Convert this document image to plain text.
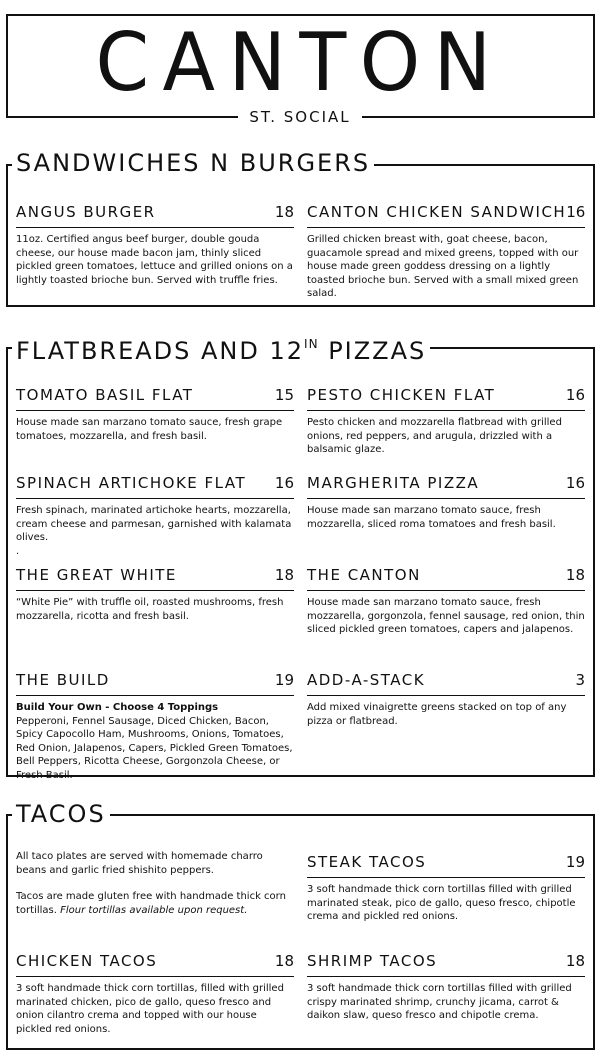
CANTON
ST. SOCIAL
SANDWICHES N BURGERS
ANGUS BURGER	18
11oz. Certified angus beef burger, double gouda cheese, our house made bacon jam, thinly sliced pickled green tomatoes, lettuce and grilled onions on a lightly toasted brioche bun. Served with truffle fries.
CANTON CHICKEN SANDWICH 16
Grilled chicken breast with, goat cheese, bacon, guacamole spread and mixed greens, topped with our house made green goddess dressing on a lightly toasted brioche bun. Served with a small mixed green salad.
FLATBREADS AND $12^{IN}$ PIZZAS
TOMATO BASIL FLAT	15
House made san marzano tomato sauce, fresh grape tomatoes, mozzarella, and fresh basil.
PESTO CHICKEN FLAT	16
Pesto chicken and mozzarella flatbread with grilled onions, red peppers, and arugula, drizzled with a balsamic glaze.
SPINACH ARTICHOKE FLAT 16
Fresh spinach, marinated artichoke hearts, mozzarella, cream cheese and parmesan, garnished with kalamata olives.
.
MARGHERITA PIZZA	16
House made san marzano tomato sauce, fresh mozzarella, sliced roma tomatoes and fresh basil.
THE GREAT WHITE	18
“White Pie” with truffle oil, roasted mushrooms, fresh mozzarella, ricotta and fresh basil.
THE CANTON	18
House made san marzano tomato sauce, fresh mozzarella, gorgonzola, fennel sausage, red onion, thin sliced pickled green tomatoes, capers and jalapenos.
THE BUILD	19
Build Your Own - Choose 4 Toppings
Pepperoni, Fennel Sausage, Diced Chicken, Bacon, Spicy Capocollo Ham, Mushrooms, Onions, Tomatoes, Red Onion, Jalapenos, Capers, Pickled Green Tomatoes, Bell Peppers, Ricotta Cheese, Gorgonzola Cheese, or Fresh Basil.
ADD-A-STACK	3
Add mixed vinaigrette greens stacked on top of any pizza or flatbread.
TACOS
All taco plates are served with homemade charro beans and garlic fried shishito peppers.
Tacos are made gluten free with handmade thick corn tortillas. Flour tortillas available upon request.
STEAK TACOS	19
3 soft handmade thick corn tortillas filled with grilled marinated steak, pico de gallo, queso fresco, chipotle crema and pickled red onions.
CHICKEN TACOS	18
3 soft handmade thick corn tortillas, filled with grilled marinated chicken, pico de gallo, queso fresco and onion cilantro crema and topped with our house pickled red onions.
SHRIMP TACOS	18
3 soft handmade thick corn tortillas filled with grilled crispy marinated shrimp, crunchy jicama, carrot & daikon slaw, queso fresco and chipotle crema.
